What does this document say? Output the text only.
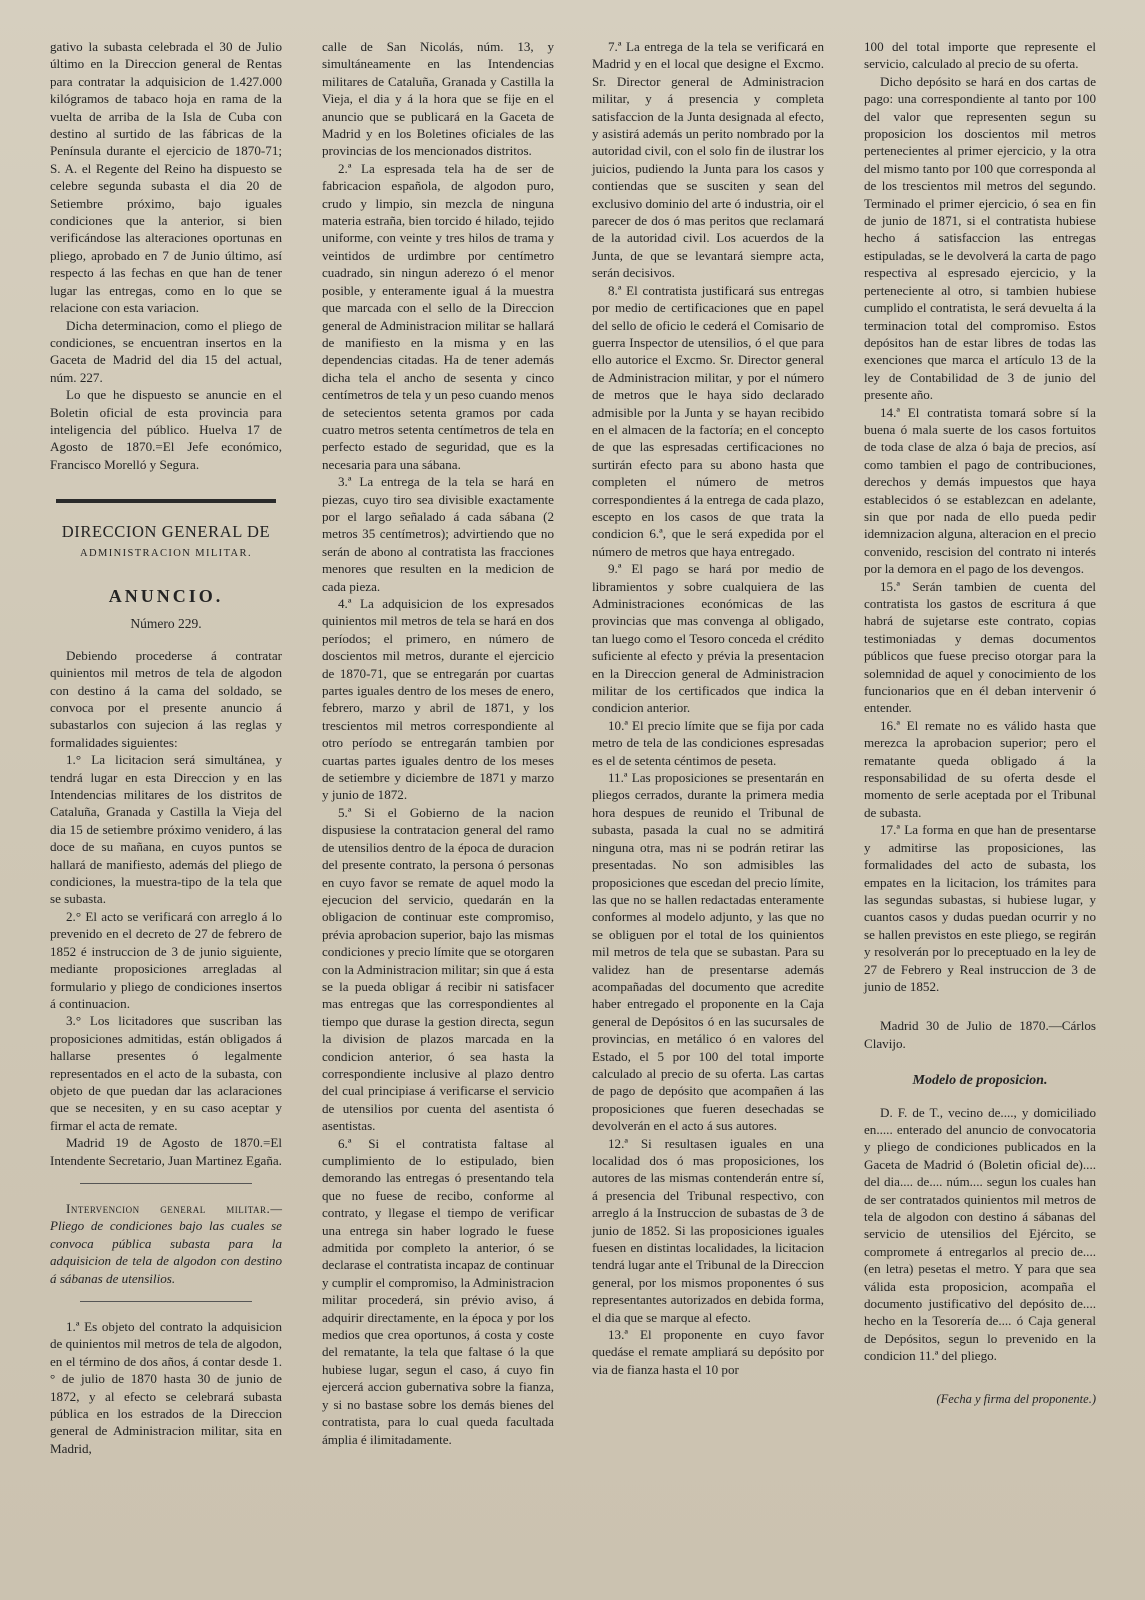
gativo la subasta celebrada el 30 de Julio último en la Direccion general de Rentas para contratar la adquisicion de 1.427.000 kilógramos de tabaco hoja en rama de la vuelta de arriba de la Isla de Cuba con destino al surtido de las fábricas de la Península durante el ejercicio de 1870-71; S. A. el Regente del Reino ha dispuesto se celebre segunda subasta el dia 20 de Setiembre próximo, bajo iguales condiciones que la anterior, si bien verificándose las alteraciones oportunas en pliego, aprobado en 7 de Junio último, así respecto á las fechas en que han de tener lugar las entregas, como en lo que se relacione con esta variacion.

Dicha determinacion, como el pliego de condiciones, se encuentran insertos en la Gaceta de Madrid del dia 15 del actual, núm. 227.

Lo que he dispuesto se anuncie en el Boletin oficial de esta provincia para inteligencia del público. Huelva 17 de Agosto de 1870.=El Jefe económico, Francisco Morelló y Segura.

DIRECCION GENERAL DE
ADMINISTRACION MILITAR.
ANUNCIO.
Número 229.

Debiendo procederse á contratar quinientos mil metros de tela de algodon con destino á la cama del soldado, se convoca por el presente anuncio á subastarlos con sujecion á las reglas y formalidades siguientes:

1.° La licitacion será simultánea, y tendrá lugar en esta Direccion y en las Intendencias militares de los distritos de Cataluña, Granada y Castilla la Vieja del dia 15 de setiembre próximo venidero, á las doce de su mañana, en cuyos puntos se hallará de manifiesto, además del pliego de condiciones, la muestra-tipo de la tela que se subasta.

2.° El acto se verificará con arreglo á lo prevenido en el decreto de 27 de febrero de 1852 é instruccion de 3 de junio siguiente, mediante proposiciones arregladas al formulario y pliego de condiciones insertos á continuacion.

3.° Los licitadores que suscriban las proposiciones admitidas, están obligados á hallarse presentes ó legalmente representados en el acto de la subasta, con objeto de que puedan dar las aclaraciones que se necesiten, y en su caso aceptar y firmar el acta de remate.

Madrid 19 de Agosto de 1870.=El Intendente Secretario, Juan Martinez Egaña.

Intervencion general militar.—Pliego de condiciones bajo las cuales se convoca pública subasta para la adquisicion de tela de algodon con destino á sábanas de utensilios.

1.ª Es objeto del contrato la adquisicion de quinientos mil metros de tela de algodon, en el término de dos años, á contar desde 1.° de julio de 1870 hasta 30 de junio de 1872, y al efecto se celebrará subasta pública en los estrados de la Direccion general de Administracion militar, sita en Madrid,

calle de San Nicolás, núm. 13, y simultáneamente en las Intendencias militares de Cataluña, Granada y Castilla la Vieja, el dia y á la hora que se fije en el anuncio que se publicará en la Gaceta de Madrid y en los Boletines oficiales de las provincias de los mencionados distritos.

2.ª La espresada tela ha de ser de fabricacion española, de algodon puro, crudo y limpio, sin mezcla de ninguna materia estraña, bien torcido é hilado, tejido uniforme, con veinte y tres hilos de trama y veintidos de urdimbre por centímetro cuadrado, sin ningun aderezo ó el menor posible, y enteramente igual á la muestra que marcada con el sello de la Direccion general de Administracion militar se hallará de manifiesto en la misma y en las dependencias citadas. Ha de tener además dicha tela el ancho de sesenta y cinco centímetros de tela y un peso cuando menos de setecientos setenta gramos por cada cuatro metros setenta centímetros de tela en perfecto estado de seguridad, que es la necesaria para una sábana.

3.ª La entrega de la tela se hará en piezas, cuyo tiro sea divisible exactamente por el largo señalado á cada sábana (2 metros 35 centímetros); advirtiendo que no serán de abono al contratista las fracciones menores que resulten en la medicion de cada pieza.

4.ª La adquisicion de los expresados quinientos mil metros de tela se hará en dos períodos; el primero, en número de doscientos mil metros, durante el ejercicio de 1870-71, que se entregarán por cuartas partes iguales dentro de los meses de enero, febrero, marzo y abril de 1871, y los trescientos mil metros correspondiente al otro período se entregarán tambien por cuartas partes iguales dentro de los meses de setiembre y diciembre de 1871 y marzo y junio de 1872.

5.ª Si el Gobierno de la nacion dispusiese la contratacion general del ramo de utensilios dentro de la época de duracion del presente contrato, la persona ó personas en cuyo favor se remate de aquel modo la ejecucion del servicio, quedarán en la obligacion de continuar este compromiso, prévia aprobacion superior, bajo las mismas condiciones y precio límite que se otorgaren con la Administracion militar; sin que á esta se la pueda obligar á recibir ni satisfacer mas entregas que las correspondientes al tiempo que durase la gestion directa, segun la division de plazos marcada en la condicion anterior, ó sea hasta la correspondiente inclusive al plazo dentro del cual principiase á verificarse el servicio de utensilios por cuenta del asentista ó asentistas.

6.ª Si el contratista faltase al cumplimiento de lo estipulado, bien demorando las entregas ó presentando tela que no fuese de recibo, conforme al contrato, y llegase el tiempo de verificar una entrega sin haber logrado le fuese admitida por completo la anterior, ó se declarase el contratista incapaz de continuar y cumplir el compromiso, la Administracion militar procederá, sin prévio aviso, á adquirir directamente, en la época y por los medios que crea oportunos, á costa y coste del rematante, la tela que faltase ó la que hubiese lugar, segun el caso, á cuyo fin ejercerá accion gubernativa sobre la fianza, y si no bastase sobre los demás bienes del contratista, para lo cual queda facultada ámplia é ilimitadamente.

7.ª La entrega de la tela se verificará en Madrid y en el local que designe el Excmo. Sr. Director general de Administracion militar, y á presencia y completa satisfaccion de la Junta designada al efecto, y asistirá además un perito nombrado por la autoridad civil, con el solo fin de ilustrar los juicios, pudiendo la Junta para los casos y contiendas que se susciten y sean del exclusivo dominio del arte ó industria, oir el parecer de dos ó mas peritos que reclamará de la autoridad civil. Los acuerdos de la Junta, de que se levantará siempre acta, serán decisivos.

8.ª El contratista justificará sus entregas por medio de certificaciones que en papel del sello de oficio le cederá el Comisario de guerra Inspector de utensilios, ó el que para ello autorice el Excmo. Sr. Director general de Administracion militar, y por el número de metros que le haya sido declarado admisible por la Junta y se hayan recibido en el almacen de la factoría; en el concepto de que las espresadas certificaciones no surtirán efecto para su abono hasta que completen el número de metros correspondientes á la entrega de cada plazo, escepto en los casos de que trata la condicion 6.ª, que le será expedida por el número de metros que haya entregado.

9.ª El pago se hará por medio de libramientos y sobre cualquiera de las Administraciones económicas de las provincias que mas convenga al obligado, tan luego como el Tesoro conceda el crédito suficiente al efecto y prévia la presentacion en la Direccion general de Administracion militar de los certificados que indica la condicion anterior.

10.ª El precio límite que se fija por cada metro de tela de las condiciones espresadas es el de setenta céntimos de peseta.

11.ª Las proposiciones se presentarán en pliegos cerrados, durante la primera media hora despues de reunido el Tribunal de subasta, pasada la cual no se admitirá ninguna otra, mas ni se podrán retirar las presentadas. No son admisibles las proposiciones que escedan del precio límite, las que no se hallen redactadas enteramente conformes al modelo adjunto, y las que no se obliguen por el total de los quinientos mil metros de tela que se subastan. Para su validez han de presentarse además acompañadas del documento que acredite haber entregado el proponente en la Caja general de Depósitos ó en las sucursales de provincias, en metálico ó en valores del Estado, el 5 por 100 del total importe calculado al precio de su oferta. Las cartas de pago de depósito que acompañen á las proposiciones que fueren desechadas se devolverán en el acto á sus autores.

12.ª Si resultasen iguales en una localidad dos ó mas proposiciones, los autores de las mismas contenderán entre sí, á presencia del Tribunal respectivo, con arreglo á la Instruccion de subastas de 3 de junio de 1852. Si las proposiciones iguales fuesen en distintas localidades, la licitacion tendrá lugar ante el Tribunal de la Direccion general, por los mismos proponentes ó sus representantes autorizados en debida forma, el dia que se marque al efecto.

13.ª El proponente en cuyo favor quedáse el remate ampliará su depósito por via de fianza hasta el 10 por

100 del total importe que represente el servicio, calculado al precio de su oferta.

Dicho depósito se hará en dos cartas de pago: una correspondiente al tanto por 100 del valor que representen segun su proposicion los doscientos mil metros pertenecientes al primer ejercicio, y la otra del mismo tanto por 100 que corresponda al de los trescientos mil metros del segundo. Terminado el primer ejercicio, ó sea en fin de junio de 1871, si el contratista hubiese hecho á satisfaccion las entregas estipuladas, se le devolverá la carta de pago respectiva al espresado ejercicio, y la perteneciente al otro, si tambien hubiese cumplido el contratista, le será devuelta á la terminacion total del compromiso. Estos depósitos han de estar libres de todas las exenciones que marca el artículo 13 de la ley de Contabilidad de 3 de junio del presente año.

14.ª El contratista tomará sobre sí la buena ó mala suerte de los casos fortuitos de toda clase de alza ó baja de precios, así como tambien el pago de contribuciones, derechos y demás impuestos que haya establecidos ó se establezcan en adelante, sin que por nada de ello pueda pedir idemnizacion alguna, alteracion en el precio convenido, rescision del contrato ni interés por la demora en el pago de los devengos.

15.ª Serán tambien de cuenta del contratista los gastos de escritura á que habrá de sujetarse este contrato, copias testimoniadas y demas documentos públicos que fuese preciso otorgar para la solemnidad de aquel y conocimiento de los funcionarios que en él deban intervenir ó entender.

16.ª El remate no es válido hasta que merezca la aprobacion superior; pero el rematante queda obligado á la responsabilidad de su oferta desde el momento de serle aceptada por el Tribunal de subasta.

17.ª La forma en que han de presentarse y admitirse las proposiciones, las formalidades del acto de subasta, los empates en la licitacion, los trámites para las segundas subastas, si hubiese lugar, y cuantos casos y dudas puedan ocurrir y no se hallen previstos en este pliego, se regirán y resolverán por lo preceptuado en la ley de 27 de Febrero y Real instruccion de 3 de junio de 1852.

Madrid 30 de Julio de 1870.—Cárlos Clavijo.

Modelo de proposicion.

D. F. de T., vecino de...., y domiciliado en..... enterado del anuncio de convocatoria y pliego de condiciones publicados en la Gaceta de Madrid ó (Boletin oficial de).... del dia.... de.... núm.... segun los cuales han de ser contratados quinientos mil metros de tela de algodon con destino á sábanas del servicio de utensilios del Ejército, se compromete á entregarlos al precio de.... (en letra) pesetas el metro. Y para que sea válida esta proposicion, acompaña el documento justificativo del depósito de.... hecho en la Tesorería de.... ó Caja general de Depósitos, segun lo prevenido en la condicion 11.ª del pliego.

(Fecha y firma del proponente.)
